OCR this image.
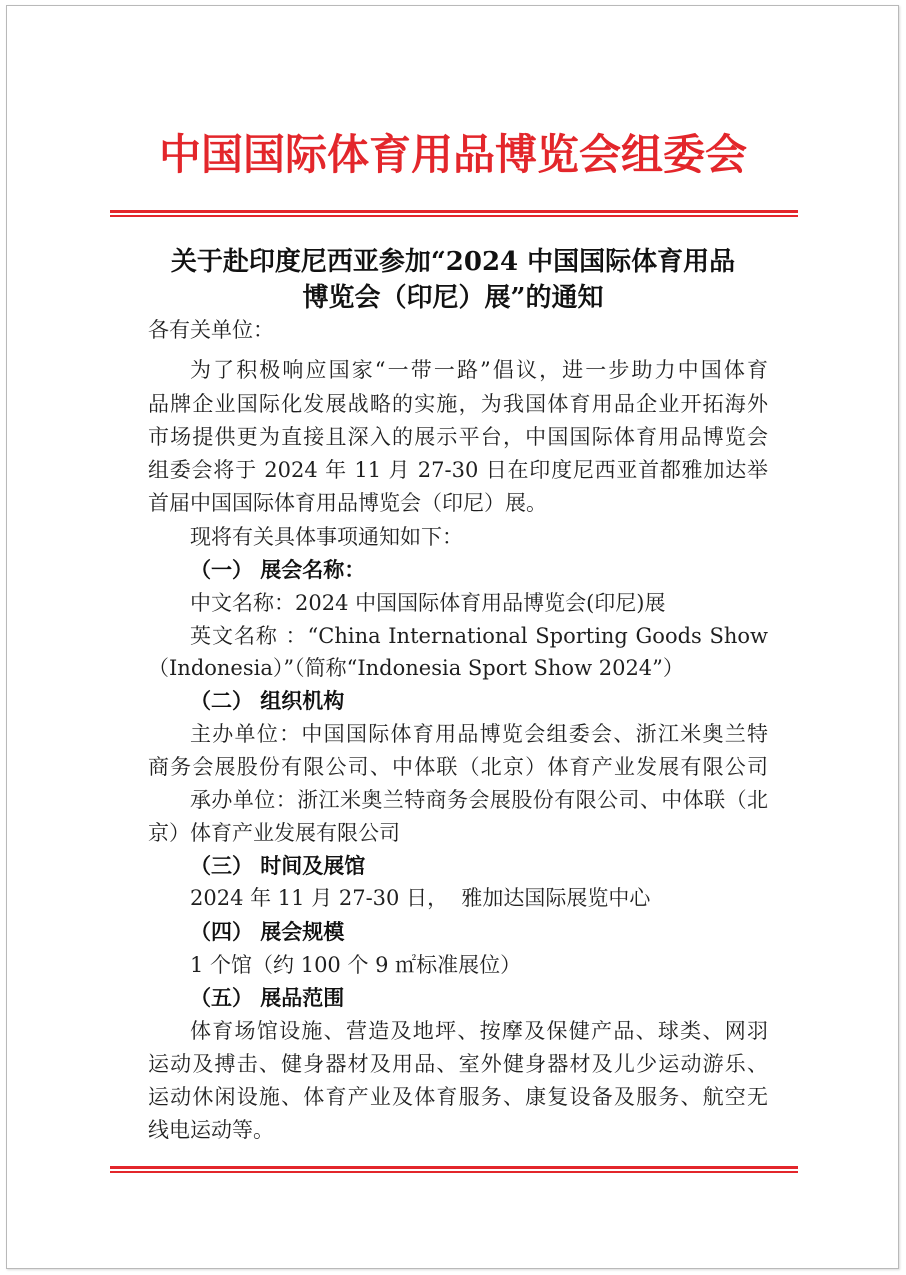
中国国际体育用品博览会组委会
关于赴印度尼西亚参加“2024 中国国际体育用品
博览会（印尼）展”的通知
各有关单位：
为了积极响应国家“一带一路”倡议，进一步助力中国体育
品牌企业国际化发展战略的实施，为我国体育用品企业开拓海外
市场提供更为直接且深入的展示平台，中国国际体育用品博览会
组委会将于 2024 年 11 月 27-30 日在印度尼西亚首都雅加达举
首届中国国际体育用品博览会（印尼）展。
现将有关具体事项通知如下：
（一） 展会名称：
中文名称：2024 中国国际体育用品博览会(印尼)展
英文名称 ：“China International Sporting Goods Show
（Indonesia）”（简称“Indonesia Sport Show 2024”）
（二） 组织机构
主办单位：中国国际体育用品博览会组委会、浙江米奥兰特
商务会展股份有限公司、中体联（北京）体育产业发展有限公司
承办单位：浙江米奥兰特商务会展股份有限公司、中体联（北
京）体育产业发展有限公司
（三） 时间及展馆
2024 年 11 月 27-30 日，  雅加达国际展览中心
（四） 展会规模
1 个馆（约 100 个 9 ㎡标准展位）
（五） 展品范围
体育场馆设施、营造及地坪、按摩及保健产品、球类、网羽
运动及搏击、健身器材及用品、室外健身器材及儿少运动游乐、
运动休闲设施、体育产业及体育服务、康复设备及服务、航空无
线电运动等。
